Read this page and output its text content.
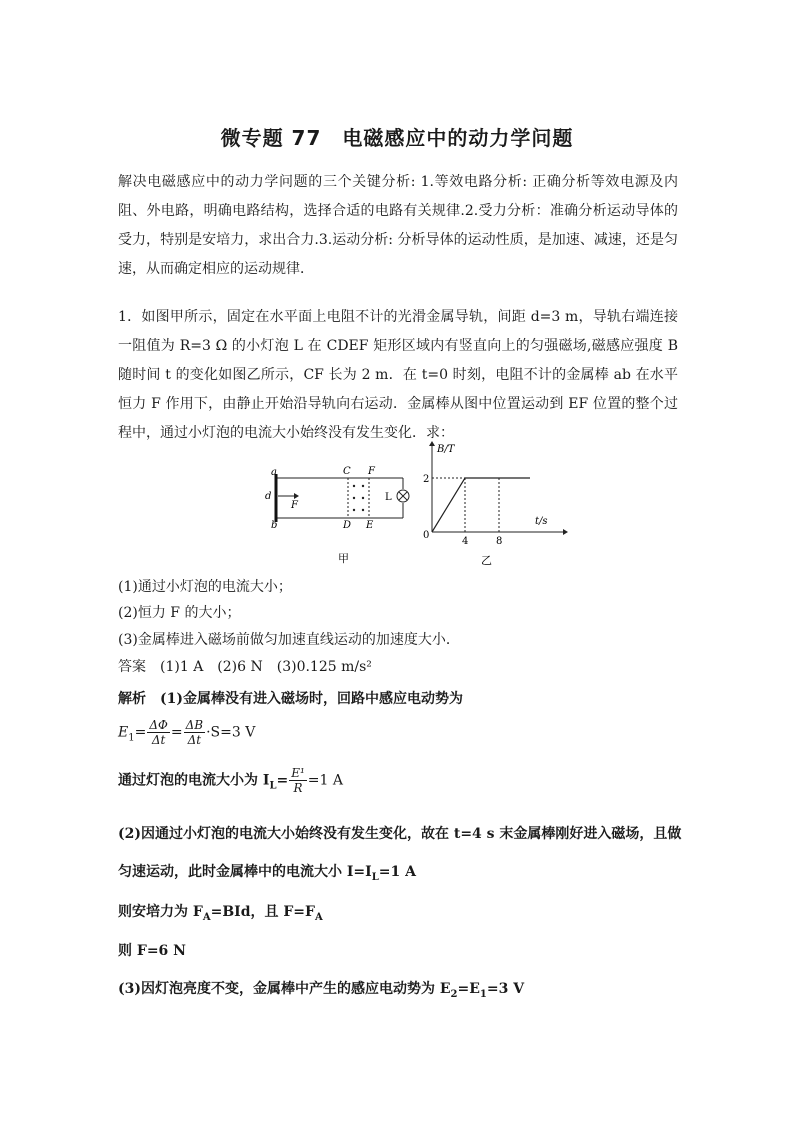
微专题 77　电磁感应中的动力学问题
解决电磁感应中的动力学问题的三个关键分析: 1.等效电路分析: 正确分析等效电源及内阻、外电路，明确电路结构，选择合适的电路有关规律.2.受力分析：准确分析运动导体的受力，特别是安培力，求出合力.3.运动分析: 分析导体的运动性质，是加速、减速，还是匀速，从而确定相应的运动规律．
1．如图甲所示，固定在水平面上电阻不计的光滑金属导轨，间距 d=3 m，导轨右端连接一阻值为 R=3 Ω 的小灯泡 L 在 CDEF 矩形区域内有竖直向上的匀强磁场,磁感应强度 B 随时间 t 的变化如图乙所示，CF 长为 2 m．在 t=0 时刻，电阻不计的金属棒 ab 在水平恒力 F 作用下，由静止开始沿导轨向右运动．金属棒从图中位置运动到 EF 位置的整个过程中，通过小灯泡的电流大小始终没有发生变化．求：
a
b
d
F
C
D
F
E
L
甲
B/T
t/s
2
0
4	8
乙
(1)通过小灯泡的电流大小；
(2)恒力 F 的大小；
(3)金属棒进入磁场前做匀加速直线运动的加速度大小．
答案　(1)1 A　(2)6 N　(3)0.125 m/s²
解析　(1)金属棒没有进入磁场时，回路中感应电动势为
$E_1= \frac{\Delta\Phi}{\Delta t} = \frac{\Delta B}{\Delta t} \cdot S=3$ V
通过灯泡的电流大小为 $I_L= \frac{\text{E¹}}{R} =1$ A
(2)因通过小灯泡的电流大小始终没有发生变化，故在 t=4 s 末金属棒刚好进入磁场，且做
匀速运动，此时金属棒中的电流大小 $I=I_L=1$ A
则安培力为 $F_A=BId$，且 $F=F_A$
则 F=6 N
(3)因灯泡亮度不变，金属棒中产生的感应电动势为 $E_2=E_1=3$ V
